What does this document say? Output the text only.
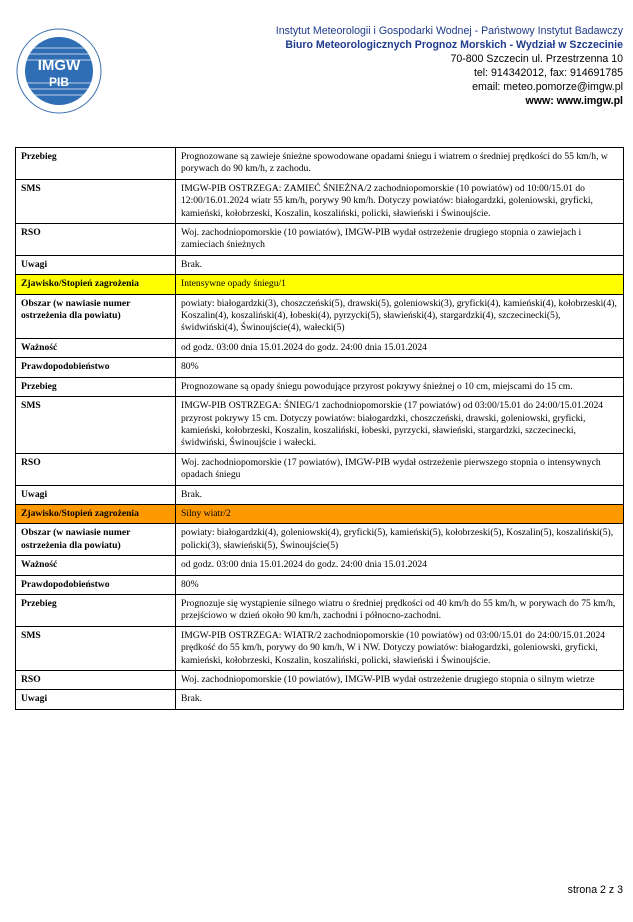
IMGW
PIB
Instytut Meteorologii i Gospodarki Wodnej - Państwowy Instytut Badawczy
Biuro Meteorologicznych Prognoz Morskich - Wydział w Szczecinie
70-800 Szczecin ul. Przestrzenna 10
tel: 914342012, fax: 914691785
email: meteo.pomorze@imgw.pl
www: www.imgw.pl
Przebieg	Prognozowane są zawieje śnieżne spowodowane opadami śniegu i wiatrem o średniej prędkości do 55 km/h, w porywach do 90 km/h, z zachodu.
SMS	IMGW-PIB OSTRZEGA: ZAMIEĆ ŚNIEŻNA/2 zachodniopomorskie (10 powiatów) od 10:00/15.01 do 12:00/16.01.2024 wiatr 55 km/h, porywy 90 km/h. Dotyczy powiatów: białogardzki, goleniowski, gryficki, kamieński, kołobrzeski, Koszalin, koszaliński, policki, sławieński i Świnoujście.
RSO	Woj. zachodniopomorskie (10 powiatów), IMGW-PIB wydał ostrzeżenie drugiego stopnia o zawiejach i zamieciach śnieżnych
Uwagi	Brak.
Zjawisko/Stopień zagrożenia	Intensywne opady śniegu/1
Obszar (w nawiasie numer ostrzeżenia dla powiatu)	powiaty: białogardzki(3), choszczeński(5), drawski(5), goleniowski(3), gryficki(4), kamieński(4), kołobrzeski(4), Koszalin(4), koszaliński(4), łobeski(4), pyrzycki(5), sławieński(4), stargardzki(4), szczecinecki(5), świdwiński(4), Świnoujście(4), wałecki(5)
Ważność	od godz. 03:00 dnia 15.01.2024 do godz. 24:00 dnia 15.01.2024
Prawdopodobieństwo	80%
Przebieg	Prognozowane są opady śniegu powodujące przyrost pokrywy śnieżnej o 10 cm, miejscami do 15 cm.
SMS	IMGW-PIB OSTRZEGA: ŚNIEG/1 zachodniopomorskie (17 powiatów) od 03:00/15.01 do 24:00/15.01.2024 przyrost pokrywy 15 cm. Dotyczy powiatów: białogardzki, choszczeński, drawski, goleniowski, gryficki, kamieński, kołobrzeski, Koszalin, koszaliński, łobeski, pyrzycki, sławieński, stargardzki, szczecinecki, świdwiński, Świnoujście i wałecki.
RSO	Woj. zachodniopomorskie (17 powiatów), IMGW-PIB wydał ostrzeżenie pierwszego stopnia o intensywnych opadach śniegu
Uwagi	Brak.
Zjawisko/Stopień zagrożenia	Silny wiatr/2
Obszar (w nawiasie numer ostrzeżenia dla powiatu)	powiaty: białogardzki(4), goleniowski(4), gryficki(5), kamieński(5), kołobrzeski(5), Koszalin(5), koszaliński(5), policki(3), sławieński(5), Świnoujście(5)
Ważność	od godz. 03:00 dnia 15.01.2024 do godz. 24:00 dnia 15.01.2024
Prawdopodobieństwo	80%
Przebieg	Prognozuje się wystąpienie silnego wiatru o średniej prędkości od 40 km/h do 55 km/h, w porywach do 75 km/h, przejściowo w dzień około 90 km/h, zachodni i północno-zachodni.
SMS	IMGW-PIB OSTRZEGA: WIATR/2 zachodniopomorskie (10 powiatów) od 03:00/15.01 do 24:00/15.01.2024 prędkość do 55 km/h, porywy do 90 km/h, W i NW. Dotyczy powiatów: białogardzki, goleniowski, gryficki, kamieński, kołobrzeski, Koszalin, koszaliński, policki, sławieński i Świnoujście.
RSO	Woj. zachodniopomorskie (10 powiatów), IMGW-PIB wydał ostrzeżenie drugiego stopnia o silnym wietrze
Uwagi	Brak.
strona 2 z 3
